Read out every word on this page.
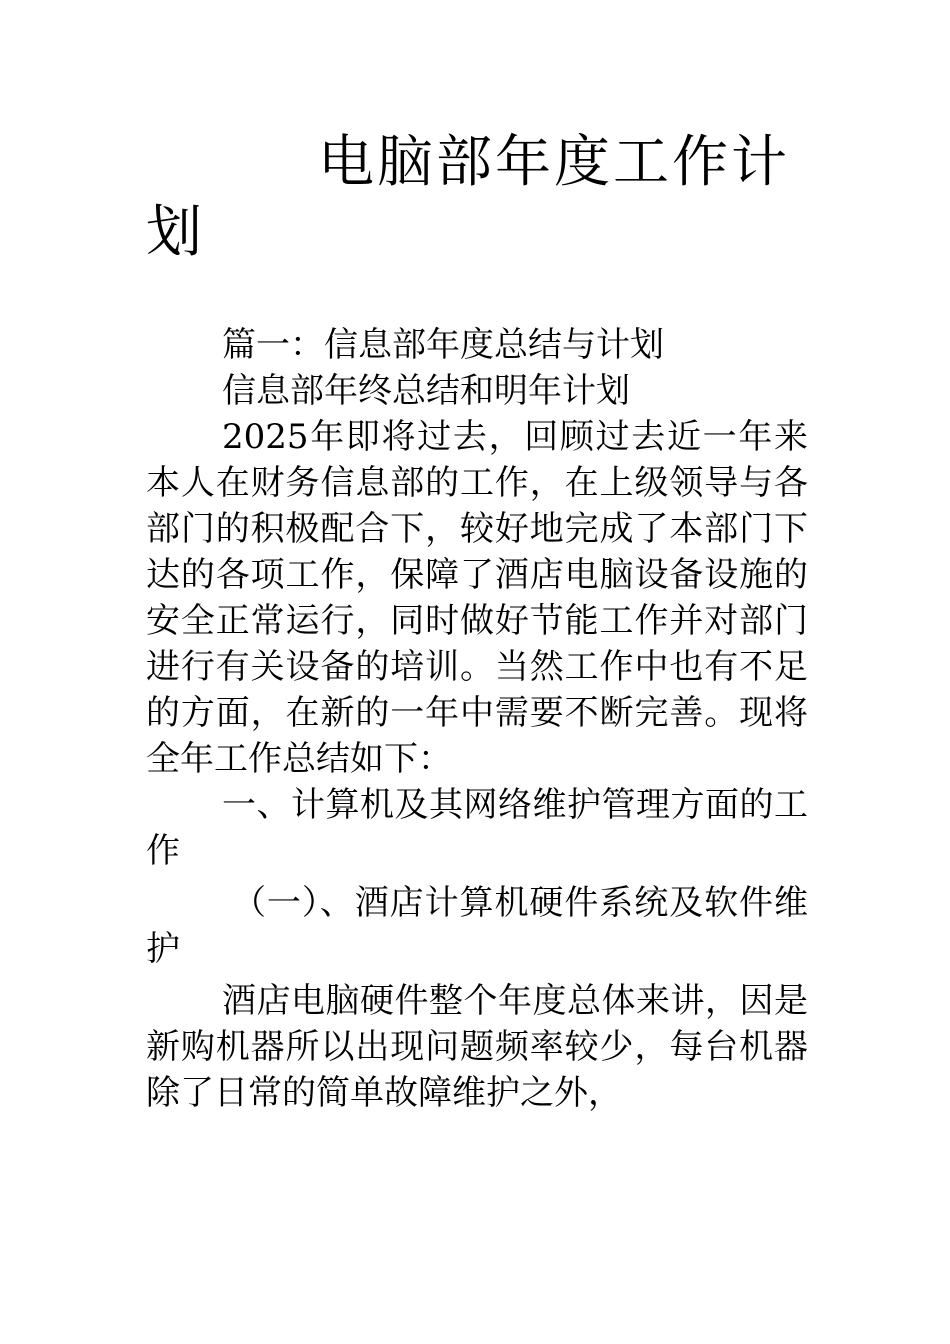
电脑部年度工作计划

篇一：信息部年度总结与计划

信息部年终总结和明年计划

2025年即将过去，回顾过去近一年来本人在财务信息部的工作，在上级领导与各部门的积极配合下，较好地完成了本部门下达的各项工作，保障了酒店电脑设备设施的安全正常运行，同时做好节能工作并对部门进行有关设备的培训。当然工作中也有不足的方面，在新的一年中需要不断完善。现将全年工作总结如下：

一、计算机及其网络维护管理方面的工作

（一）、酒店计算机硬件系统及软件维护

酒店电脑硬件整个年度总体来讲，因是新购机器所以出现问题频率较少，每台机器除了日常的简单故障维护之外，
